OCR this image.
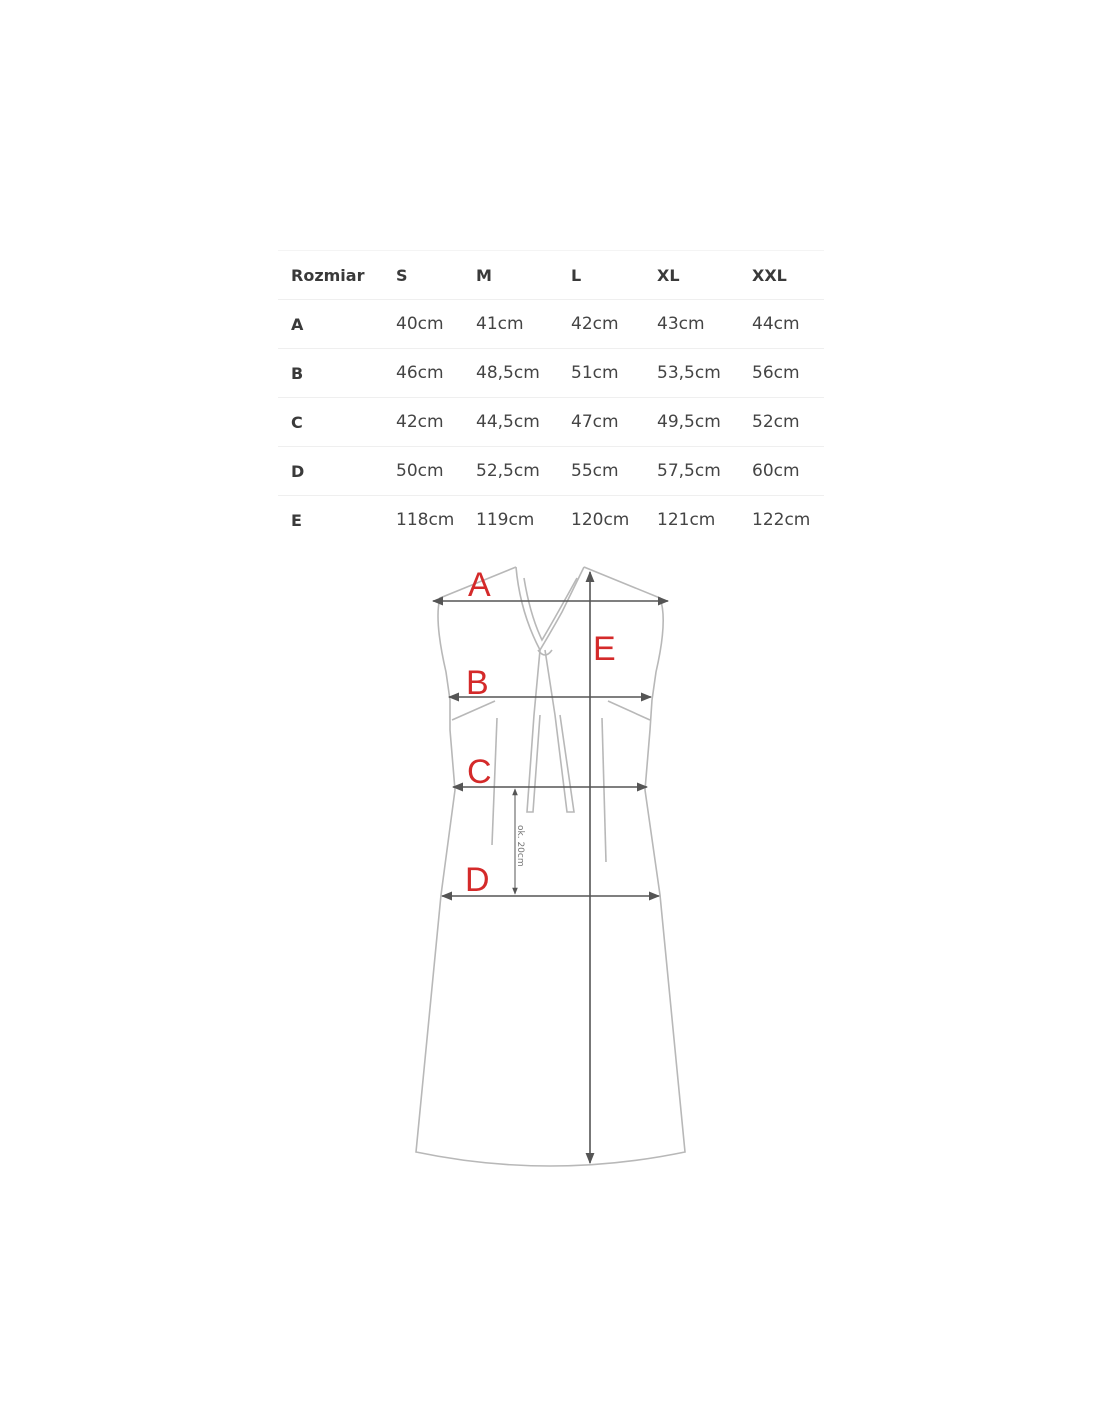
Rozmiar	S	M	L	XL	XXL
A	40cm	41cm	42cm	43cm	44cm
B	46cm	48,5cm	51cm	53,5cm	56cm
C	42cm	44,5cm	47cm	49,5cm	52cm
D	50cm	52,5cm	55cm	57,5cm	60cm
E	118cm	119cm	120cm	121cm	122cm
A
B
C
D
E
ok. 20cm
